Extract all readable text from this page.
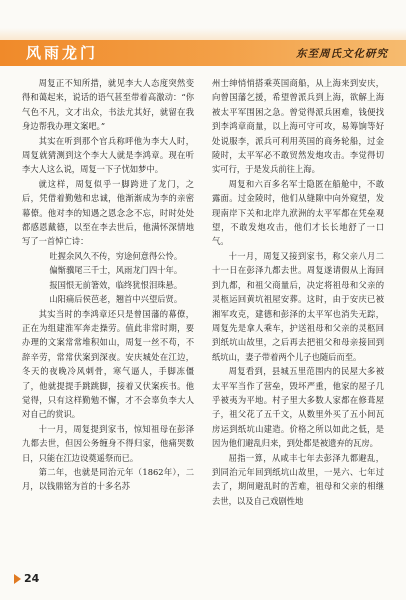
风雨龙门	东至周氏文化研究

周复正不知所措，就见李大人态度突然变得和蔼起来，说话的语气甚至带着高激动：“你气色不凡，文才出众，书法尤其好，就留在我身边帮我办理文案吧。”

其实在听到那个官兵称呼他为李大人时，周复就猜测到这个李大人就是李鸿章。现在听李大人这么说，周复一下子忧如梦中。

就这样，周复似乎一脚跨进了龙门，之后，凭借着勤勉和忠诚，他渐渐成为李的亲密幕僚。他对李的知遇之恩念念不忘，时时处处都感恩戴德，以至在李去世后，他满怀深情地写了一首悼亡诗：

吐握余风久不传，穷途何意得公怜。

偏惭骥尾三千士，风雨龙门四十年。

报国恨无前箸效，临终犹恨泪珠悬。

山阳痛后侯芭老，翘首中兴望后贤。

其实当时的李鸿章还只是曾国藩的幕僚，正在为组建淮军奔走操劳。值此非常时期，要办理的文案常常堆积如山，周复一丝不苟，不辞辛劳，常常伏案到深夜。安庆城处在江边，冬天的夜晚冷风刺骨，寒气逼人，手脚冻僵了，他就提提手跳跳脚，接着又伏案疾书。他觉得，只有这样勤勉不懈，才不会辜负李大人对自己的赏识。

十一月，周复提到家书，惊知祖母在彭泽九都去世，但因公务缠身不得归家，他痛哭数日，只能在江边设奠遥祭而已。

第二年，也就是同治元年（1862年），二月，以钱鼎铭为首的十多名苏

州士绅悄悄搭乘英国商船，从上海来到安庆，向曾国藩乞援，希望曾派兵到上海，欲解上海被太平军围困之急。曾觉得派兵困难，钱便找到李鸿章商量，以上海可守可攻，易筹饷等好处说服李，派兵可利用英国的商务轮船，过金陵时，太平军必不敢贸然发炮攻击。李觉得切实可行，于是发兵前往上海。

周复和六百多名军士隐匿在船舱中，不敢露面。过金陵时，他们从缝隙中向外窥望，发现南岸下关和北岸九洑洲的太平军都在凭垒观望，不敢发炮攻击，他们才长长地舒了一口气。

十一月，周复又接到家书，称父亲八月二十一日在彭泽九都去世。周复遂请假从上海回到九都，和祖父商量后，决定将祖母和父亲的灵柩运回黄坑祖屋安葬。这时，由于安庆已被湘军攻克，建德和彭泽的太平军也消失无踪，周复先是拿人乘车，护送祖母和父亲的灵柩回到纸坑山故里，之后再去把祖父和母亲接回到纸坑山，妻子带着两个儿子也随后而至。

周复看到，县城五里范围内的民屋大多被太平军当作了营垒，毁坏严重，他家的屋子几乎被夷为平地。村子里大多数人家都在修葺屋子，祖父花了五千文，从数里外买了五小间瓦房运到纸坑山建造。价格之所以如此之低，是因为他们避乱归来，到处都是被遗弃的瓦房。

屈指一算，从咸丰七年去彭泽九都避乱，到同治元年回到纸坑山故里，一晃六、七年过去了，期间避乱时的苦难，祖母和父亲的相继去世，以及自己戏剧性地

24
